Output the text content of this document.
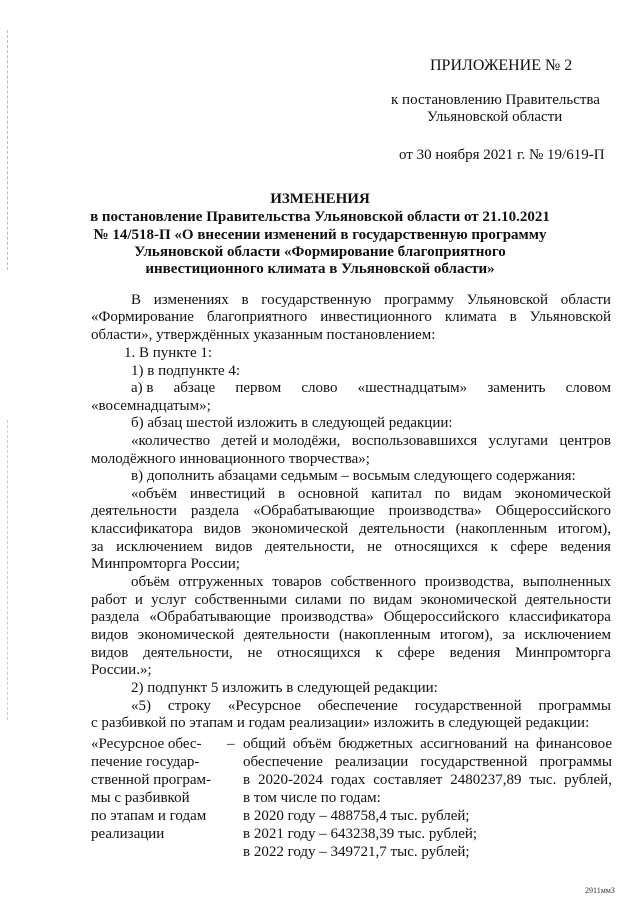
ПРИЛОЖЕНИЕ № 2
к постановлению Правительства
Ульяновской области
от 30 ноября 2021 г. № 19/619-П
ИЗМЕНЕНИЯ
в постановление Правительства Ульяновской области от 21.10.2021
№ 14/518-П «О внесении изменений в государственную программу
Ульяновской области «Формирование благоприятного
инвестиционного климата в Ульяновской области»
В изменениях в государственную программу Ульяновской области
«Формирование благоприятного инвестиционного климата в Ульяновской
области», утверждённых указанным постановлением:
1. В пункте 1:
1) в подпункте 4:
а) в абзаце первом слово «шестнадцатым» заменить словом
«восемнадцатым»;
б) абзац шестой изложить в следующей редакции:
«количество детей и молодёжи, воспользовавшихся услугами центров
молодёжного инновационного творчества»;
в) дополнить абзацами седьмым – восьмым следующего содержания:
«объём инвестиций в основной капитал по видам экономической
деятельности раздела «Обрабатывающие производства» Общероссийского
классификатора видов экономической деятельности (накопленным итогом),
за исключением видов деятельности, не относящихся к сфере ведения
Минпромторга России;
объём отгруженных товаров собственного производства, выполненных
работ и услуг собственными силами по видам экономической деятельности
раздела «Обрабатывающие производства» Общероссийского классификатора
видов экономической деятельности (накопленным итогом), за исключением
видов деятельности, не относящихся к сфере ведения Минпромторга
России.»;
2) подпункт 5 изложить в следующей редакции:
«5) строку «Ресурсное обеспечение государственной программы
с разбивкой по этапам и годам реализации» изложить в следующей редакции:
«Ресурсное обес-
печение государ-
ственной програм-
мы с разбивкой
по этапам и годам
реализации
– общий объём бюджетных ассигнований на финансовое
обеспечение реализации государственной программы
в 2020-2024 годах составляет 2480237,89 тыс. рублей,
в том числе по годам:
в 2020 году – 488758,4 тыс. рублей;
в 2021 году – 643238,39 тыс. рублей;
в 2022 году – 349721,7 тыс. рублей;
2911мм3
